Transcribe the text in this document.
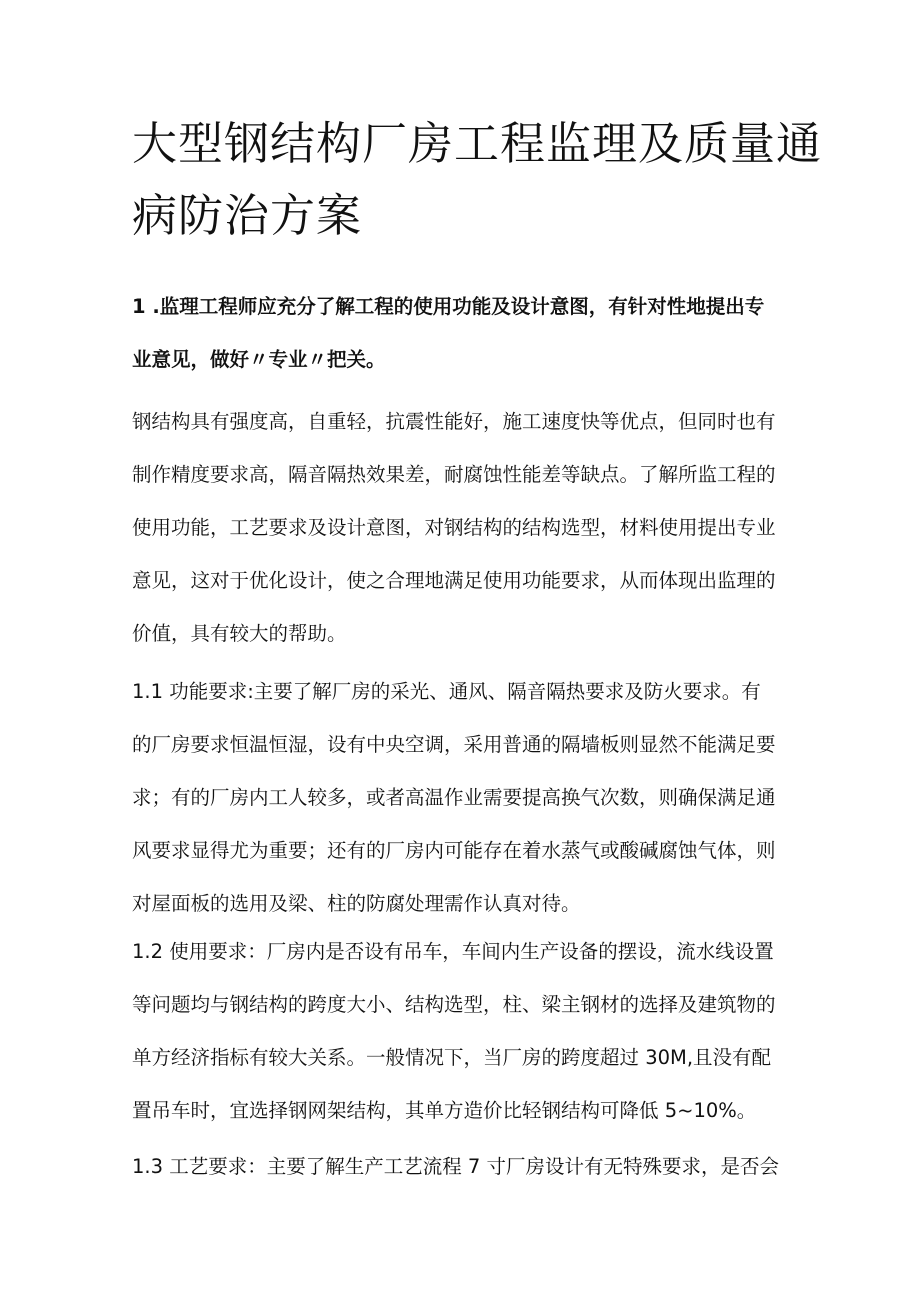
大型钢结构厂房工程监理及质量通
病防治方案

1 .监理工程师应充分了解工程的使用功能及设计意图，有针对性地提出专
业意见，做好〃专业〃把关。

钢结构具有强度高，自重轻，抗震性能好，施工速度快等优点，但同时也有
制作精度要求高，隔音隔热效果差，耐腐蚀性能差等缺点。了解所监工程的
使用功能，工艺要求及设计意图，对钢结构的结构选型，材料使用提出专业
意见，这对于优化设计，使之合理地满足使用功能要求，从而体现出监理的
价值，具有较大的帮助。

1.1 功能要求:主要了解厂房的采光、通风、隔音隔热要求及防火要求。有
的厂房要求恒温恒湿，设有中央空调，采用普通的隔墙板则显然不能满足要
求；有的厂房内工人较多，或者高温作业需要提高换气次数，则确保满足通
风要求显得尤为重要；还有的厂房内可能存在着水蒸气或酸碱腐蚀气体，则
对屋面板的选用及梁、柱的防腐处理需作认真对待。

1.2 使用要求：厂房内是否设有吊车，车间内生产设备的摆设，流水线设置
等问题均与钢结构的跨度大小、结构选型，柱、梁主钢材的选择及建筑物的
单方经济指标有较大关系。一般情况下，当厂房的跨度超过 30M,且没有配
置吊车时，宜选择钢网架结构，其单方造价比轻钢结构可降低 5~10%。

1.3 工艺要求：主要了解生产工艺流程 7 寸厂房设计有无特殊要求，是否会
